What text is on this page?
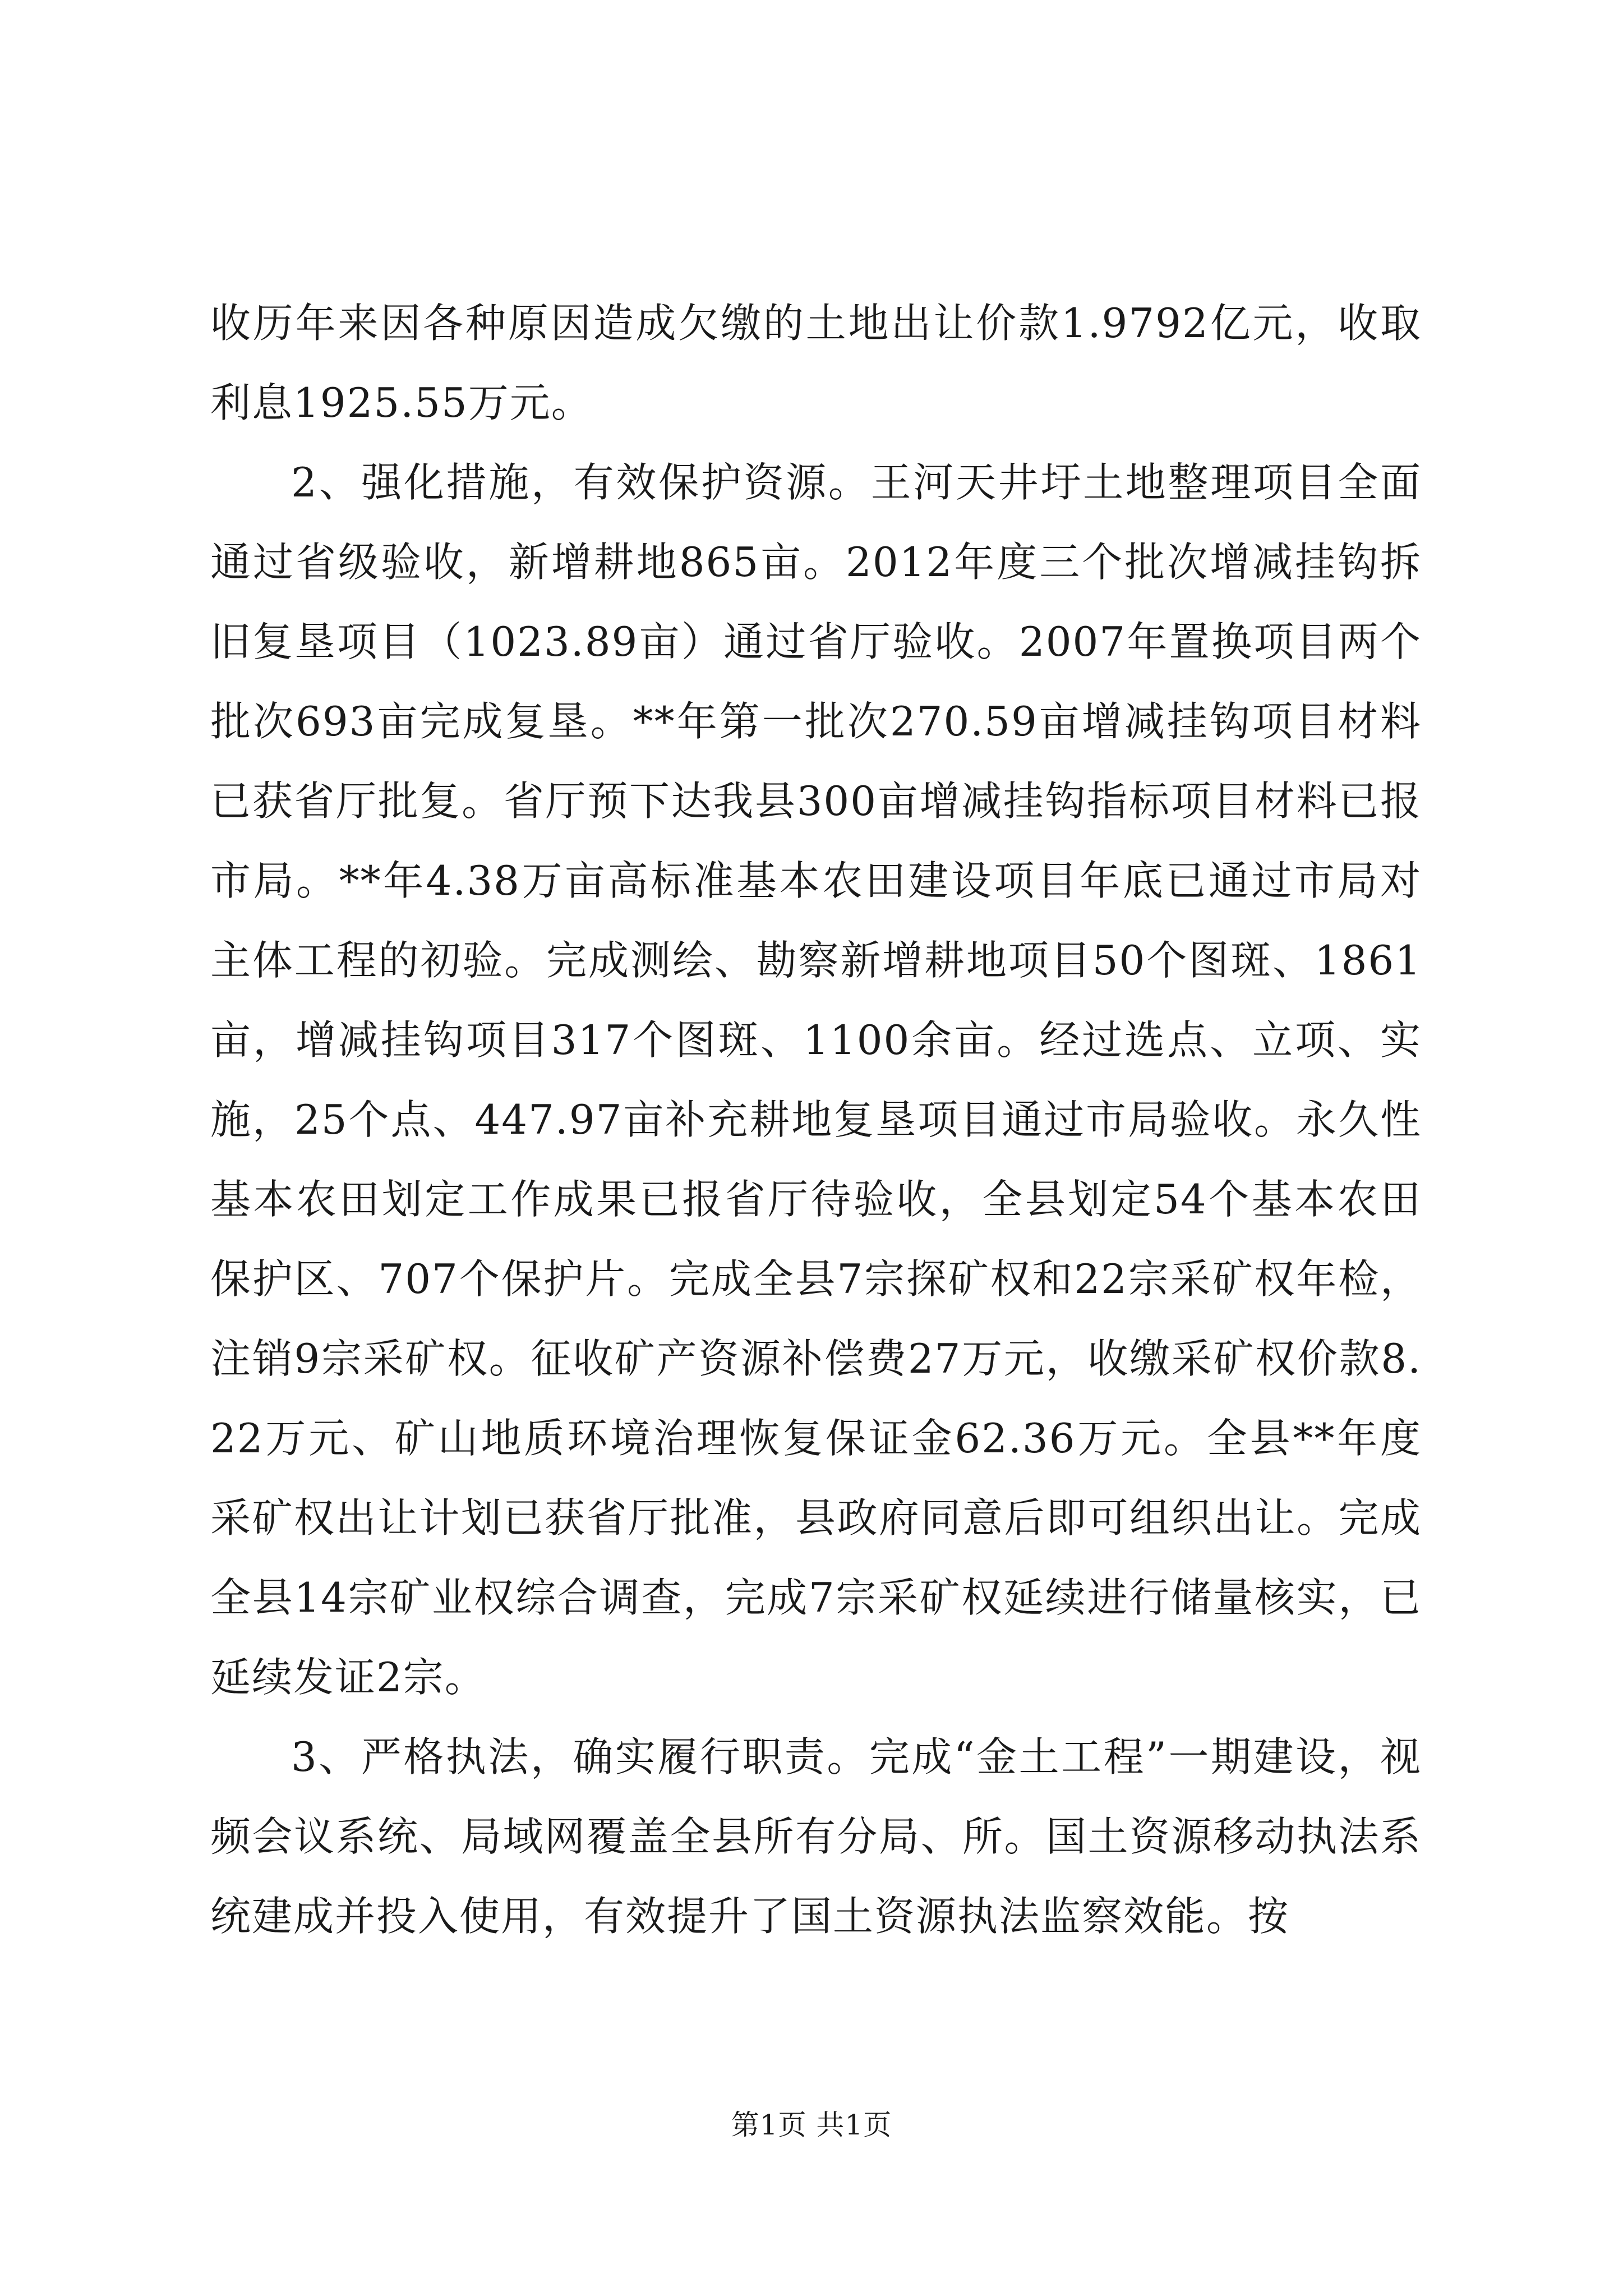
收历年来因各种原因造成欠缴的土地出让价款1.9792亿元，收取利息1925.55万元。

2、强化措施，有效保护资源。王河天井圩土地整理项目全面通过省级验收，新增耕地865亩。2012年度三个批次增减挂钩拆旧复垦项目（1023.89亩）通过省厅验收。2007年置换项目两个批次693亩完成复垦。**年第一批次270.59亩增减挂钩项目材料已获省厅批复。省厅预下达我县300亩增减挂钩指标项目材料已报市局。**年4.38万亩高标准基本农田建设项目年底已通过市局对主体工程的初验。完成测绘、勘察新增耕地项目50个图斑、1861亩，增减挂钩项目317个图斑、1100余亩。经过选点、立项、实施，25个点、447.97亩补充耕地复垦项目通过市局验收。永久性基本农田划定工作成果已报省厅待验收，全县划定54个基本农田保护区、707个保护片。完成全县7宗探矿权和22宗采矿权年检，注销9宗采矿权。征收矿产资源补偿费27万元，收缴采矿权价款8.22万元、矿山地质环境治理恢复保证金62.36万元。全县**年度采矿权出让计划已获省厅批准，县政府同意后即可组织出让。完成全县14宗矿业权综合调查，完成7宗采矿权延续进行储量核实，已延续发证2宗。

3、严格执法，确实履行职责。完成“金土工程”一期建设，视频会议系统、局域网覆盖全县所有分局、所。国土资源移动执法系统建成并投入使用，有效提升了国土资源执法监察效能。按

第1页 共1页
